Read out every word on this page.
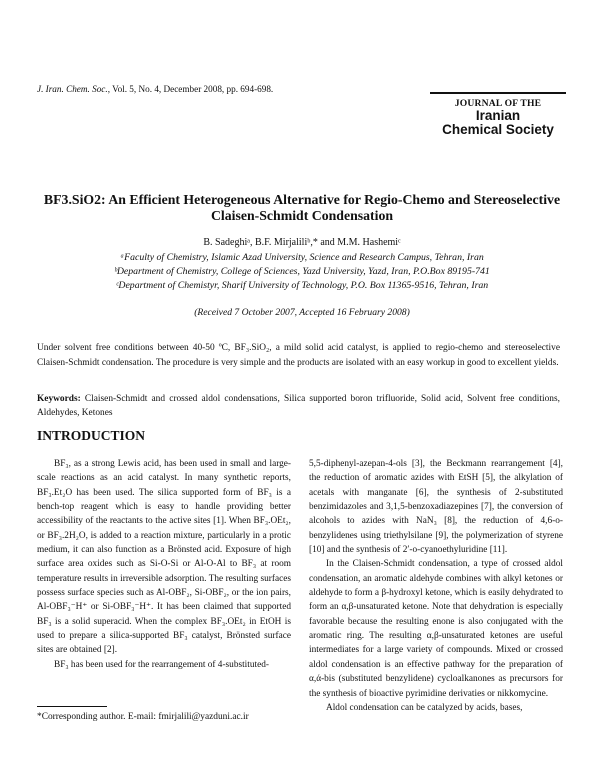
J. Iran. Chem. Soc., Vol. 5, No. 4, December 2008, pp. 694-698.
JOURNAL OF THE
Iranian
Chemical Society
BF3.SiO2: An Efficient Heterogeneous Alternative for Regio-Chemo and Stereoselective
Claisen-Schmidt Condensation
B. Sadeghiᵃ, B.F. Mirjaliliᵇ,* and M.M. Hashemiᶜ
ᵃFaculty of Chemistry, Islamic Azad University, Science and Research Campus, Tehran, Iran
ᵇDepartment of Chemistry, College of Sciences, Yazd University, Yazd, Iran, P.O.Box 89195-741
ᶜDepartment of Chemistyr, Sharif University of Technology, P.O. Box 11365-9516, Tehran, Iran
(Received 7 October 2007, Accepted 16 February 2008)
Under solvent free conditions between 40-50 ºC, BF₃.SiO₂, a mild solid acid catalyst, is applied to regio-chemo and stereoselective Claisen-Schmidt condensation. The procedure is very simple and the products are isolated with an easy workup in good to excellent yields.
Keywords: Claisen-Schmidt and crossed aldol condensations, Silica supported boron trifluoride, Solid acid, Solvent free conditions, Aldehydes, Ketones
INTRODUCTION

BF₃, as a strong Lewis acid, has been used in small and large-scale reactions as an acid catalyst. In many synthetic reports, BF₃.Et₂O has been used. The silica supported form of BF₃ is a bench-top reagent which is easy to handle providing better accessibility of the reactants to the active sites [1]. When BF₃.OEt₂, or BF₃.2H₂O, is added to a reaction mixture, particularly in a protic medium, it can also function as a Brönsted acid. Exposure of high surface area oxides such as Si-O-Si or Al-O-Al to BF₃ at room temperature results in irreversible adsorption. The resulting surfaces possess surface species such as Al-OBF₂, Si-OBF₂, or the ion pairs, Al-OBF₃⁻H⁺ or Si-OBF₃⁻H⁺. It has been claimed that supported BF₃ is a solid superacid. When the complex BF₃.OEt₂ in EtOH is used to prepare a silica-supported BF₃ catalyst, Brönsted surface sites are obtained [2].

BF₃ has been used for the rearrangement of 4-substituted-

5,5-diphenyl-azepan-4-ols [3], the Beckmann rearrangement [4], the reduction of aromatic azides with EtSH [5], the alkylation of acetals with manganate [6], the synthesis of 2-substituted benzimidazoles and 3,1,5-benzoxadiazepines [7], the conversion of alcohols to azides with NaN₃ [8], the reduction of 4,6-o-benzylidenes using triethylsilane [9], the polymerization of styrene [10] and the synthesis of 2′-o-cyanoethyluridine [11].

In the Claisen-Schmidt condensation, a type of crossed aldol condensation, an aromatic aldehyde combines with alkyl ketones or aldehyde to form a β-hydroxyl ketone, which is easily dehydrated to form an α,β-unsaturated ketone. Note that dehydration is especially favorable because the resulting enone is also conjugated with the aromatic ring. The resulting α,β-unsaturated ketones are useful intermediates for a large variety of compounds. Mixed or crossed aldol condensation is an effective pathway for the preparation of α,ά-bis (substituted benzylidene) cycloalkanones as precursors for the synthesis of bioactive pyrimidine derivaties or nikkomycine.

Aldol condensation can be catalyzed by acids, bases,

*Corresponding author. E-mail: fmirjalili@yazduni.ac.ir
